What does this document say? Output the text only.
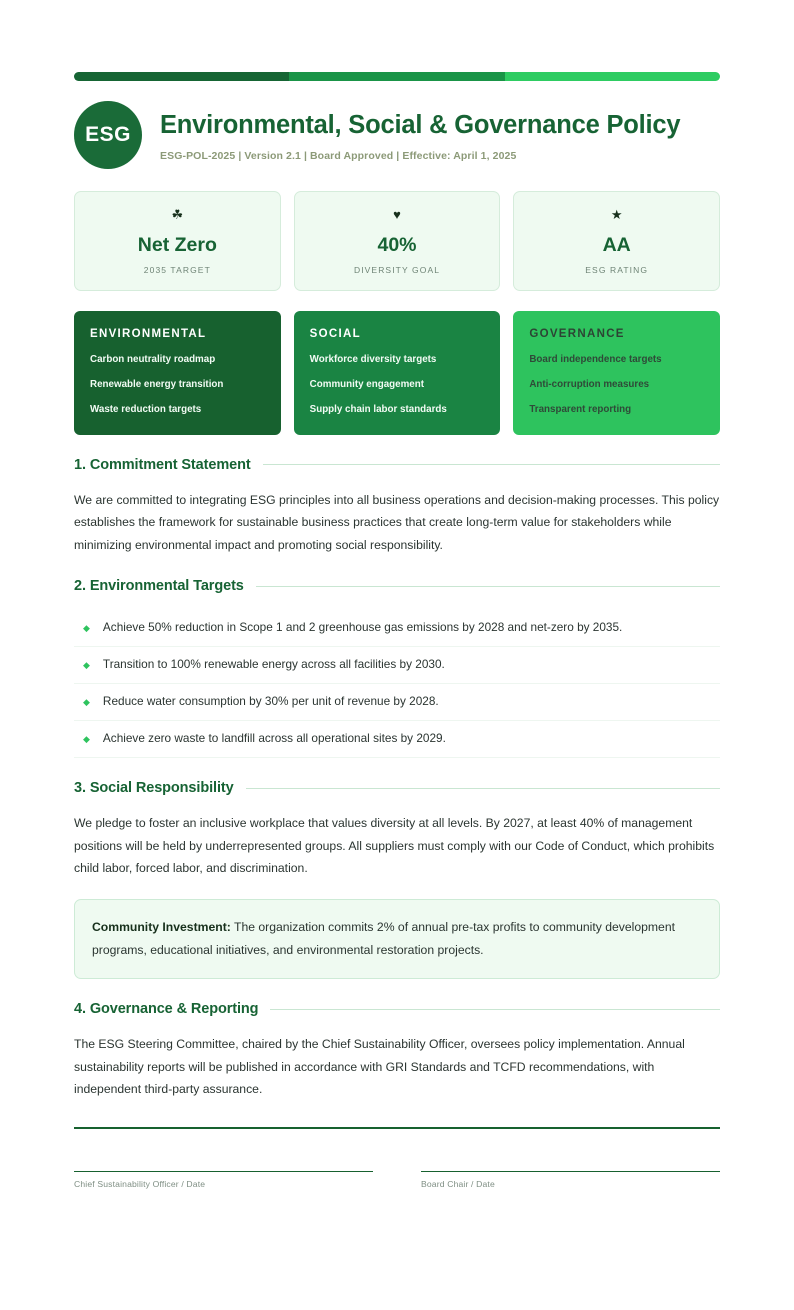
ESG Environmental, Social & Governance Policy
ESG-POL-2025 | Version 2.1 | Board Approved | Effective: April 1, 2025
☘
Net Zero
2035 TARGET
♥
40%
DIVERSITY GOAL
★
AA
ESG RATING
ENVIRONMENTAL
Carbon neutrality roadmap
Renewable energy transition
Waste reduction targets
SOCIAL
Workforce diversity targets
Community engagement
Supply chain labor standards
GOVERNANCE
Board independence targets
Anti-corruption measures
Transparent reporting
1. Commitment Statement

We are committed to integrating ESG principles into all business operations and decision-making processes. This policy establishes the framework for sustainable business practices that create long-term value for stakeholders while minimizing environmental impact and promoting social responsibility.

2. Environmental Targets
◆ Achieve 50% reduction in Scope 1 and 2 greenhouse gas emissions by 2028 and net-zero by 2035.
◆ Transition to 100% renewable energy across all facilities by 2030.
◆ Reduce water consumption by 30% per unit of revenue by 2028.
◆ Achieve zero waste to landfill across all operational sites by 2029.
3. Social Responsibility

We pledge to foster an inclusive workplace that values diversity at all levels. By 2027, at least 40% of management positions will be held by underrepresented groups. All suppliers must comply with our Code of Conduct, which prohibits child labor, forced labor, and discrimination.

Community Investment: The organization commits 2% of annual pre-tax profits to community development programs, educational initiatives, and environmental restoration projects.

4. Governance & Reporting

The ESG Steering Committee, chaired by the Chief Sustainability Officer, oversees policy implementation. Annual sustainability reports will be published in accordance with GRI Standards and TCFD recommendations, with independent third-party assurance.

Chief Sustainability Officer / Date	Board Chair / Date
